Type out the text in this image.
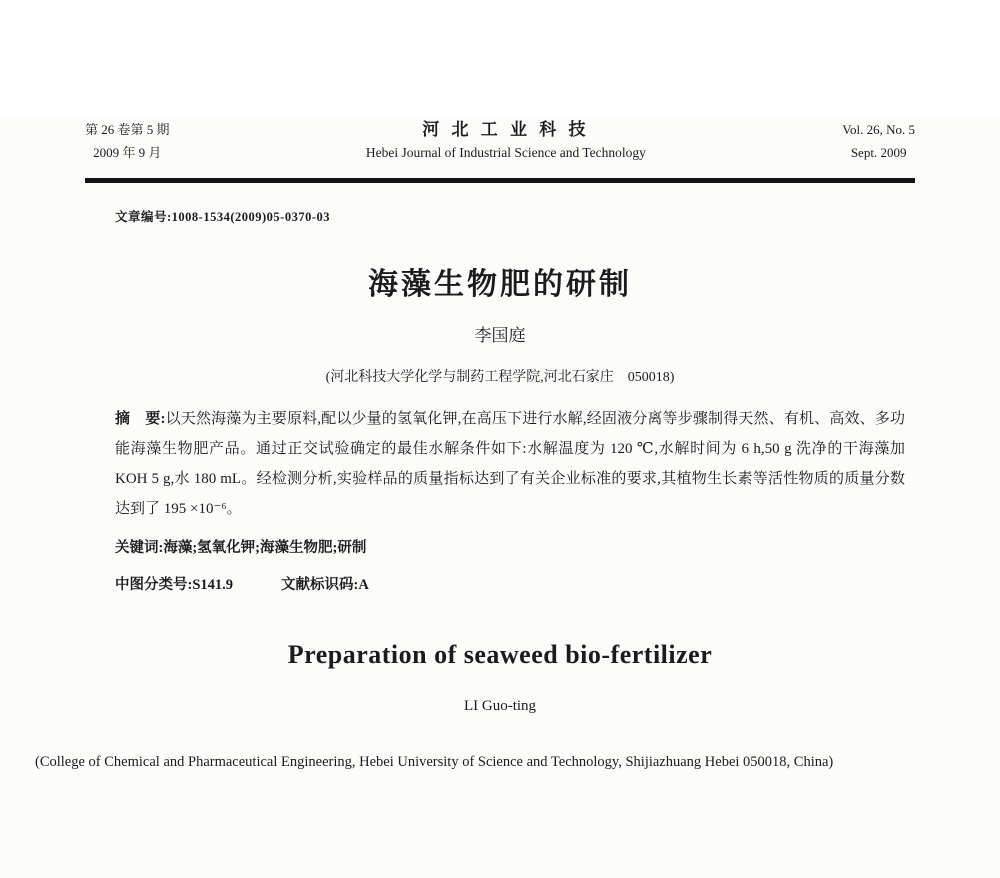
第 26 卷第 5 期
2009 年 9 月
河 北 工 业 科 技
Hebei Journal of Industrial Science and Technology
Vol. 26, No. 5
Sept. 2009
文章编号:1008-1534(2009)05-0370-03
海藻生物肥的研制
李国庭
(河北科技大学化学与制药工程学院,河北石家庄　050018)
摘　要:以天然海藻为主要原料,配以少量的氢氧化钾,在高压下进行水解,经固液分离等步骤制得天然、有机、高效、多功能海藻生物肥产品。通过正交试验确定的最佳水解条件如下:水解温度为 120 ℃,水解时间为 6 h,50 g 洗净的干海藻加 KOH 5 g,水 180 mL。经检测分析,实验样品的质量指标达到了有关企业标准的要求,其植物生长素等活性物质的质量分数达到了 195 ×10⁻⁶。
关键词:海藻;氢氧化钾;海藻生物肥;研制
中图分类号:S141.9	文献标识码:A
Preparation of seaweed bio-fertilizer
LI Guo-ting
(College of Chemical and Pharmaceutical Engineering, Hebei University of Science and Technology, Shijiazhuang Hebei 050018, China)
